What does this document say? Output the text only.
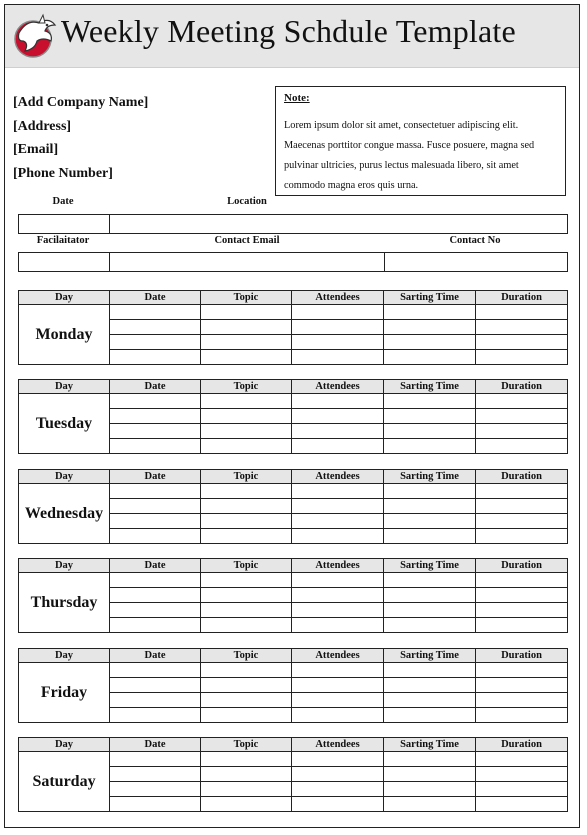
Weekly Meeting Schdule Template
[Add Company Name]
[Address]
[Email]
[Phone Number]
Note:
Lorem ipsum dolor sit amet, consectetuer adipiscing elit. Maecenas porttitor congue massa. Fusce posuere, magna sed pulvinar ultricies, purus lectus malesuada libero, sit amet commodo magna eros quis urna.
Date	Location
Facilaitator	Contact Email	Contact No
Day	Date	Topic	Attendees	Sarting Time	Duration
Monday					

Day	Date	Topic	Attendees	Sarting Time	Duration
Tuesday					

Day	Date	Topic	Attendees	Sarting Time	Duration
Wednesday					

Day	Date	Topic	Attendees	Sarting Time	Duration
Thursday					

Day	Date	Topic	Attendees	Sarting Time	Duration
Friday					

Day	Date	Topic	Attendees	Sarting Time	Duration
Saturday					
